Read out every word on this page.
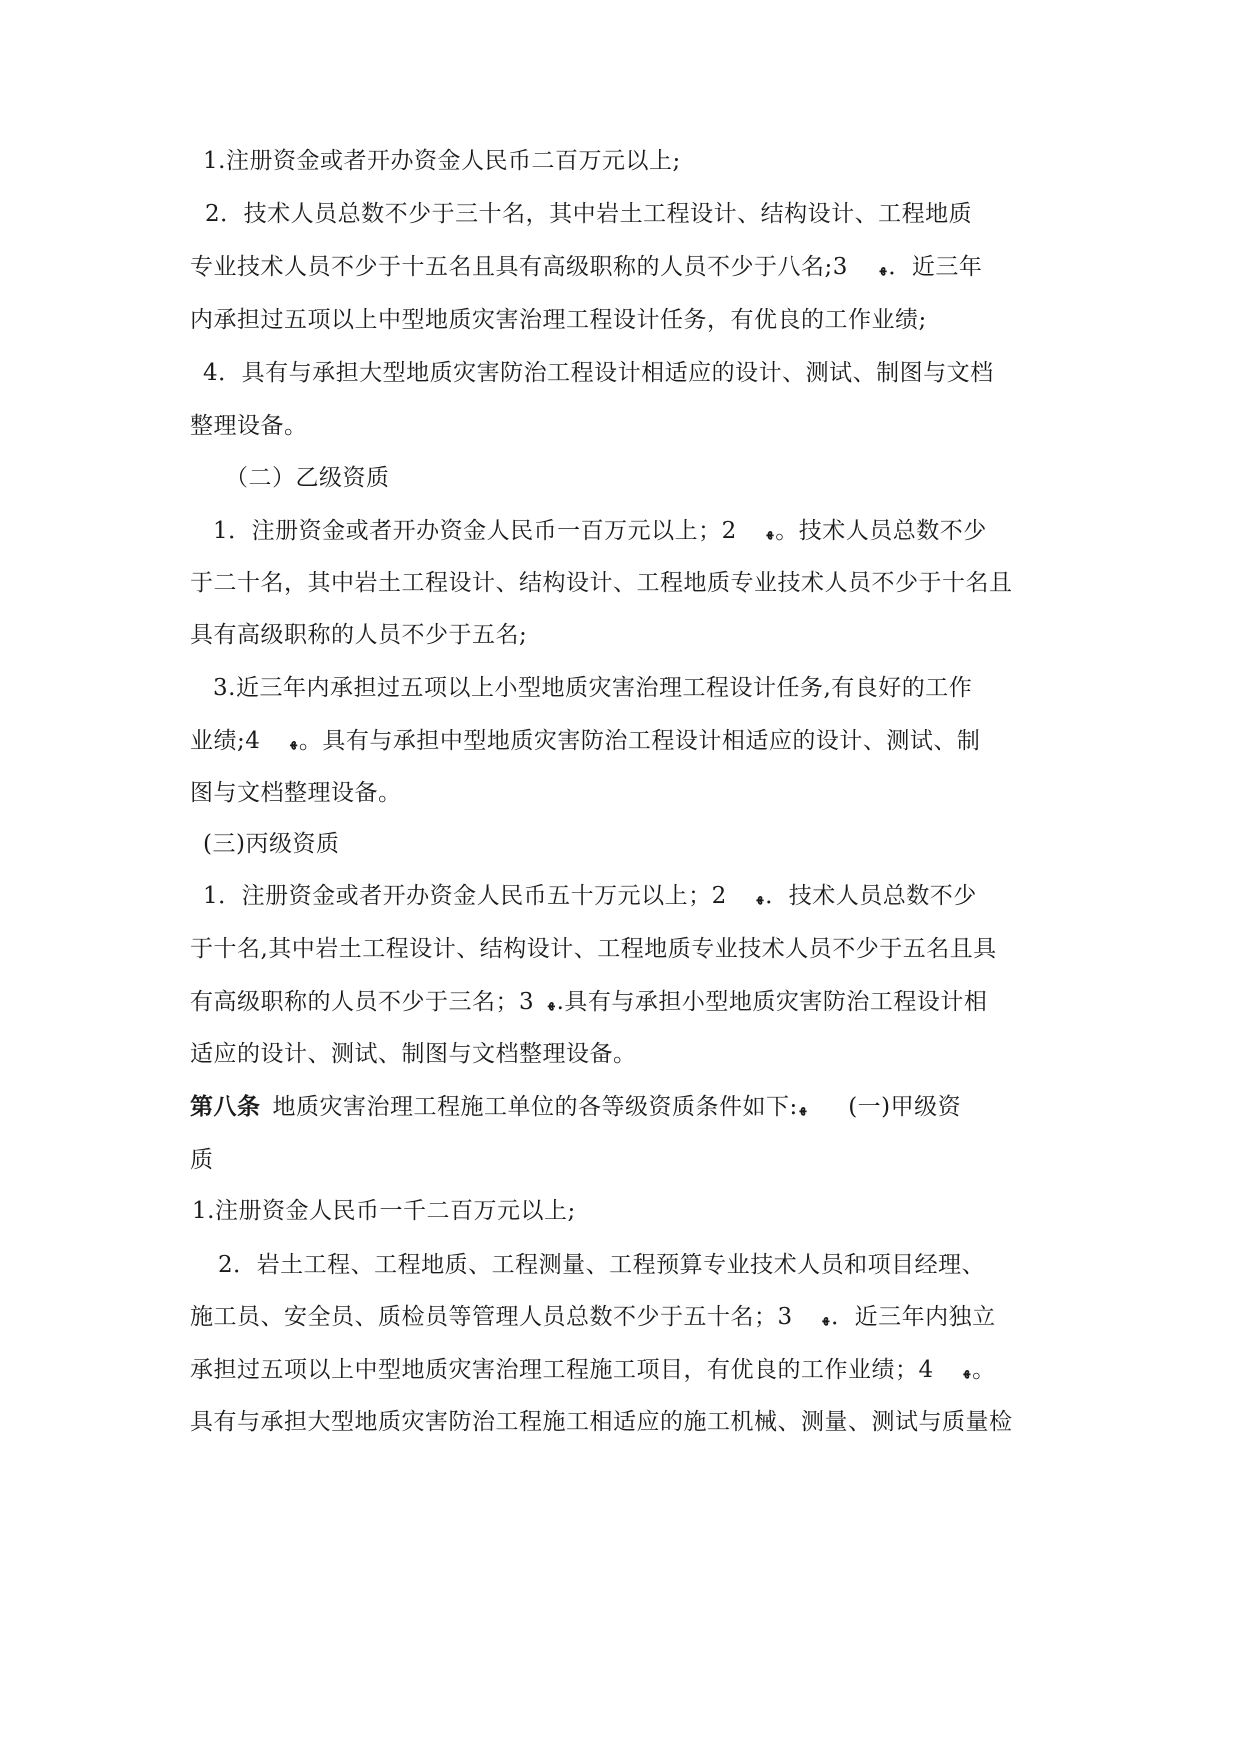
1.注册资金或者开办资金人民币二百万元以上;
2．技术人员总数不少于三十名，其中岩土工程设计、结构设计、工程地质
专业技术人员不少于十五名且具有高级职称的人员不少于八名;3 ﮭ．近三年
内承担过五项以上中型地质灾害治理工程设计任务，有优良的工作业绩;
4．具有与承担大型地质灾害防治工程设计相适应的设计、测试、制图与文档
整理设备。
（二）乙级资质
1．注册资金或者开办资金人民币一百万元以上；2 ﮭ。技术人员总数不少
于二十名，其中岩土工程设计、结构设计、工程地质专业技术人员不少于十名且
具有高级职称的人员不少于五名;
3.近三年内承担过五项以上小型地质灾害治理工程设计任务,有良好的工作
业绩;4 ﮭ。具有与承担中型地质灾害防治工程设计相适应的设计、测试、制
图与文档整理设备。
(三)丙级资质
1．注册资金或者开办资金人民币五十万元以上；2 ﮭ．技术人员总数不少
于十名,其中岩土工程设计、结构设计、工程地质专业技术人员不少于五名且具
有高级职称的人员不少于三名；3 ﮭ.具有与承担小型地质灾害防治工程设计相
适应的设计、测试、制图与文档整理设备。
第八条 地质灾害治理工程施工单位的各等级资质条件如下: ﮭ (一)甲级资
质
1.注册资金人民币一千二百万元以上;
2．岩土工程、工程地质、工程测量、工程预算专业技术人员和项目经理、
施工员、安全员、质检员等管理人员总数不少于五十名；3 ﮭ．近三年内独立
承担过五项以上中型地质灾害治理工程施工项目，有优良的工作业绩；4 ﮭ。
具有与承担大型地质灾害防治工程施工相适应的施工机械、测量、测试与质量检
